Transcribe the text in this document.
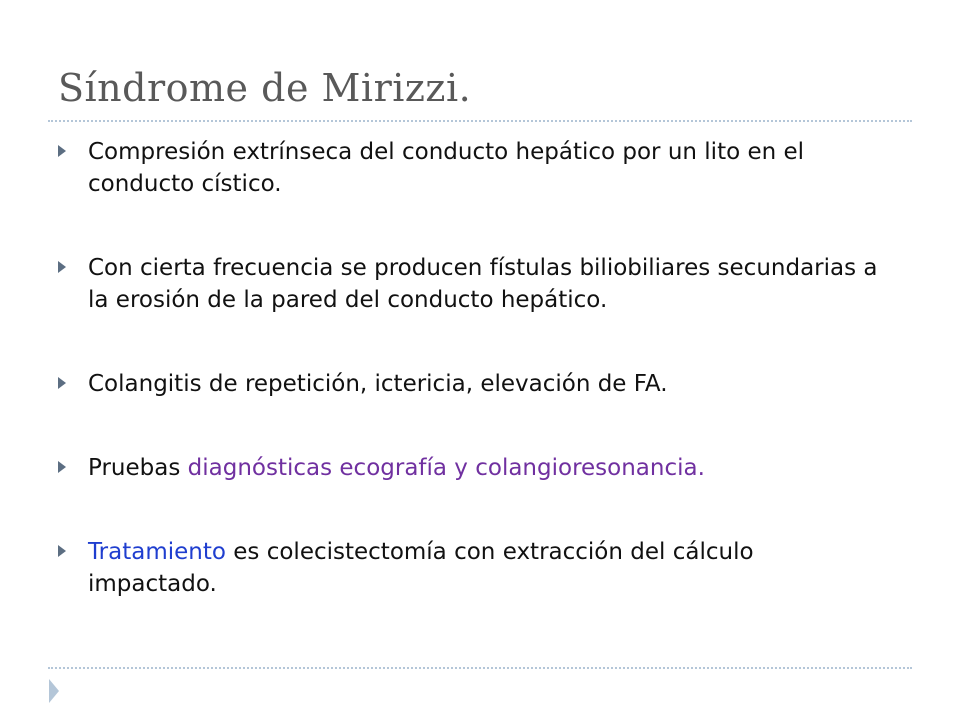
Síndrome de Mirizzi.
Compresión extrínseca del conducto hepático por un lito en el conducto cístico.
Con cierta frecuencia se producen fístulas biliobiliares secundarias a la erosión de la pared del conducto hepático.
Colangitis de repetición, ictericia, elevación de FA.
Pruebas diagnósticas ecografía y colangioresonancia.
Tratamiento es colecistectomía con extracción del cálculo impactado.
